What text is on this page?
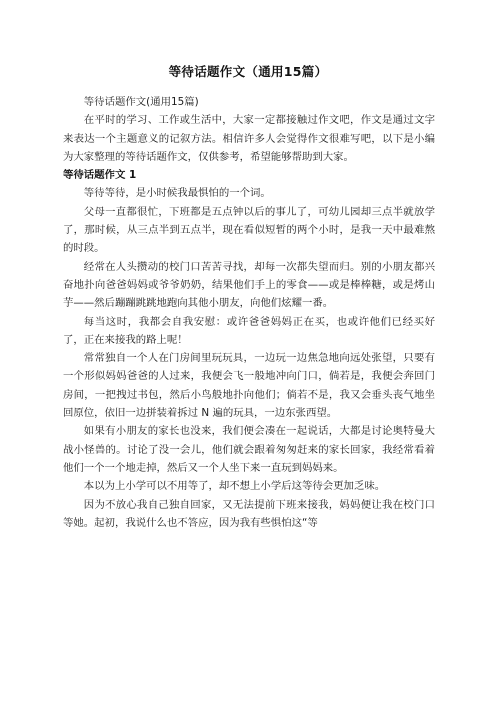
等待话题作文（通用15篇）

等待话题作文(通用15篇)

在平时的学习、工作或生活中，大家一定都接触过作文吧，作文是通过文字来表达一个主题意义的记叙方法。相信许多人会觉得作文很难写吧，以下是小编为大家整理的等待话题作文，仅供参考，希望能够帮助到大家。

等待话题作文 1

等待等待，是小时候我最惧怕的一个词。

父母一直都很忙，下班都是五点钟以后的事儿了，可幼儿园却三点半就放学了，那时候，从三点半到五点半，现在看似短暂的两个小时，是我一天中最难熬的时段。

经常在人头攒动的校门口苦苦寻找，却每一次都失望而归。别的小朋友都兴奋地扑向爸爸妈妈或爷爷奶奶，结果他们手上的零食——或是棒棒糖，或是烤山芋——然后蹦蹦跳跳地跑向其他小朋友，向他们炫耀一番。

每当这时，我都会自我安慰：或许爸爸妈妈正在买，也或许他们已经买好了，正在来接我的路上呢！

常常独自一个人在门房间里玩玩具，一边玩一边焦急地向远处张望，只要有一个形似妈妈爸爸的人过来，我便会飞一般地冲向门口，倘若是，我便会奔回门房间，一把拽过书包，然后小鸟般地扑向他们；倘若不是，我又会垂头丧气地坐回原位，依旧一边拼装着拆过 N 遍的玩具，一边东张西望。

如果有小朋友的家长也没来，我们便会凑在一起说话，大都是讨论奥特曼大战小怪兽的。讨论了没一会儿，他们就会跟着匆匆赶来的家长回家，我经常看着他们一个一个地走掉，然后又一个人坐下来一直玩到妈妈来。

本以为上小学可以不用等了，却不想上小学后这等待会更加乏味。

因为不放心我自己独自回家，又无法提前下班来接我，妈妈便让我在校门口等她。起初，我说什么也不答应，因为我有些惧怕这“等
